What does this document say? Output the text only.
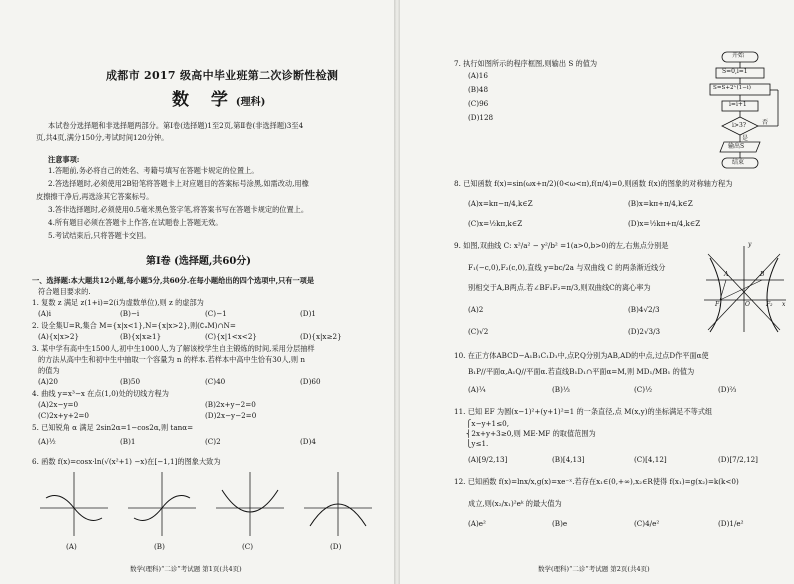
成都市 2017 级高中毕业班第二次诊断性检测
数 学(理科)
本试卷分选择题和非选择题两部分。第Ⅰ卷(选择题)1至2页,第Ⅱ卷(非选择题)3至4
页,共4页,满分150分,考试时间120分钟。
注意事项:
1.答题前,务必将自己的姓名、考籍号填写在答题卡规定的位置上。
2.答选择题时,必须使用2B铅笔将答题卡上对应题目的答案标号涂黑,如需改动,用橡
皮擦擦干净后,再选涂其它答案标号。
3.答非选择题时,必须使用0.5毫米黑色签字笔,将答案书写在答题卡规定的位置上。
4.所有题目必须在答题卡上作答,在试题卷上答题无效。
5.考试结束后,只将答题卡交回。
第Ⅰ卷 (选择题,共60分)
一、选择题:本大题共12小题,每小题5分,共60分.在每小题给出的四个选项中,只有一项是
符合题目要求的.
1. 复数 z 满足 z(1+i)=2(i为虚数单位),则 z 的虚部为
(A)i	(B)−i	(C)−1	(D)1
2. 设全集U=R,集合 M={x|x<1},N={x|x>2},则(∁ᵤM)∩N=
(A){x|x>2}	(B){x|x≥1}	(C){x|1<x<2}	(D){x|x≥2}
3. 某中学有高中生1500人,初中生1000人,为了解该校学生自主锻炼的时间,采用分层抽样
的方法从高中生和初中生中抽取一个容量为 n 的样本.若样本中高中生恰有30人,则 n
的值为
(A)20	(B)50	(C)40	(D)60
4. 曲线 y=x³−x 在点(1,0)处的切线方程为
(A)2x−y=0	(B)2x+y−2=0
(C)2x+y+2=0	(D)2x−y−2=0
5. 已知锐角 α 满足 2sin2α=1−cos2α,则 tanα=
(A)½	(B)1	(C)2	(D)4
6. 函数 f(x)=cosx·ln(√(x²+1) −x)在[−1,1]的图象大致为
(A)	(B)	(C)	(D)
数学(理科)“二诊”考试题 第1页(共4页)
7. 执行如图所示的程序框图,则输出 S 的值为
(A)16
(B)48
(C)96
(D)128
开始
S=0,i=1
S=S+2ⁱ·(1−i)
i=i+1
i>3?	否
是
输出S
结束
8. 已知函数 f(x)=sin(ωx+π/2)(0<ω<π),f(π/4)=0,则函数 f(x)的图象的对称轴方程为
(A)x=kπ−π/4,k∈Z	(B)x=kπ+π/4,k∈Z
(C)x=½kπ,k∈Z	(D)x=½kπ+π/4,k∈Z
9. 如图,双曲线 C: x²/a² − y²/b² =1(a>0,b>0)的左,右焦点分别是
F₁(−c,0),F₂(c,0),直线 y=bc/2a 与双曲线 C 的两条渐近线分
别相交于A,B两点.若∠BF₁F₂=π/3,则双曲线C的离心率为
(A)2	(B)4√2/3
(C)√2	(D)2√3/3
y
x
O
F₁	F₂
A	B
10. 在正方体ABCD−A₁B₁C₁D₁中,点P,Q分别为AB,AD的中点,过点D作平面α使
B₁P//平面α,A₁Q//平面α.若直线B₁D₁∩平面α=M,则 MD₁/MB₁ 的值为
(A)¼	(B)⅓	(C)½	(D)⅔
11. 已知 EF 为圆(x−1)²+(y+1)²=1 的一条直径,点 M(x,y)的坐标满足不等式组
⎧x−y+1≤0,
⎨2x+y+3≥0,则 ME·MF 的取值范围为
⎩y≤1.
(A)[9/2,13]	(B)[4,13]	(C)[4,12]	(D)[7/2,12]
12. 已知函数 f(x)=lnx/x,g(x)=xe⁻ˣ.若存在x₁∈(0,+∞),x₂∈R使得 f(x₁)=g(x₂)=k(k<0)
成立,则(x₂/x₁)²eᵏ 的最大值为
(A)e²	(B)e	(C)4/e²	(D)1/e²
数学(理科)“二诊”考试题 第2页(共4页)
